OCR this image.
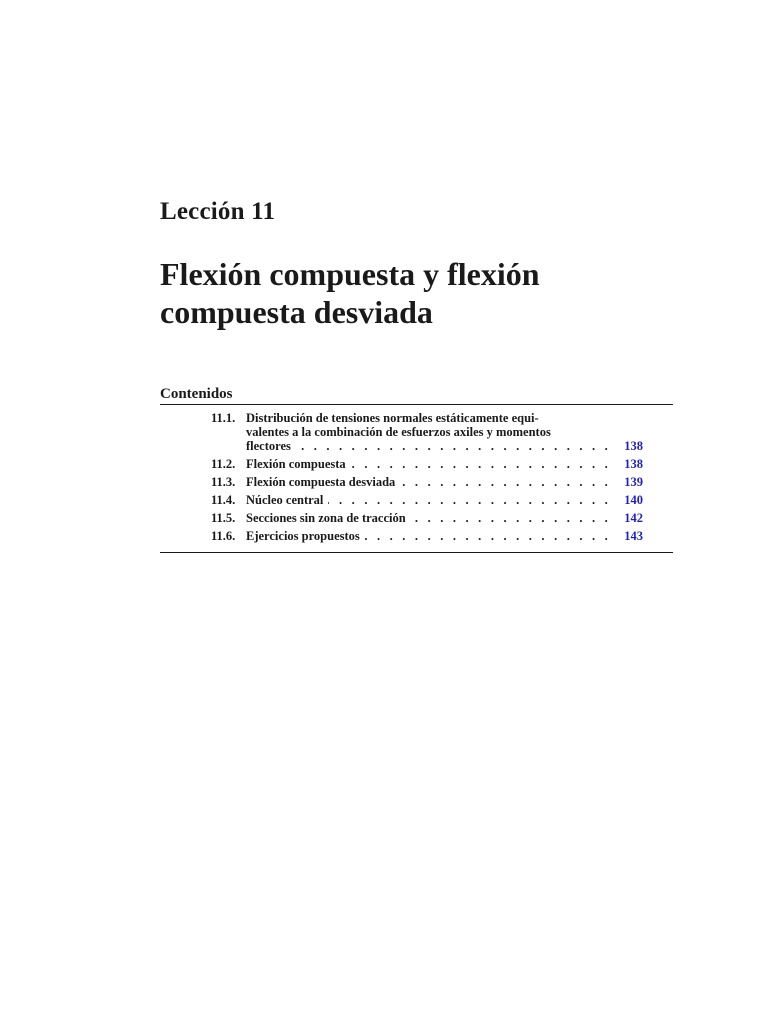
Lección 11
Flexión compuesta y flexión
compuesta desviada
Contenidos
11.1. Distribución de tensiones normales estáticamente equi-
valentes a la combinación de esfuerzos axiles y momentos
flectores . . .	138
11.2. Flexión compuesta . . .	138
11.3. Flexión compuesta desviada . . .	139
11.4. Núcleo central . . .	140
11.5. Secciones sin zona de tracción . . .	142
11.6. Ejercicios propuestos . . .	143
